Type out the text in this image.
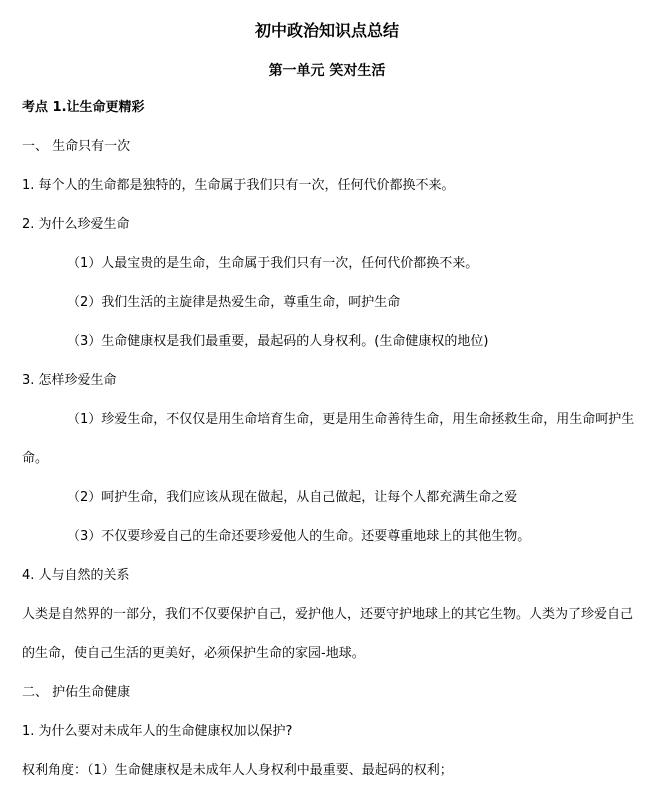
初中政治知识点总结
第一单元 笑对生活
考点 1.让生命更精彩
一、 生命只有一次
1. 每个人的生命都是独特的，生命属于我们只有一次，任何代价都换不来。
2. 为什么珍爱生命
（1）人最宝贵的是生命，生命属于我们只有一次，任何代价都换不来。
（2）我们生活的主旋律是热爱生命，尊重生命，呵护生命
（3）生命健康权是我们最重要，最起码的人身权利。(生命健康权的地位)
3. 怎样珍爱生命
（1）珍爱生命，不仅仅是用生命培育生命，更是用生命善待生命，用生命拯救生命，用生命呵护生
命。
（2）呵护生命，我们应该从现在做起，从自己做起，让每个人都充满生命之爱
（3）不仅要珍爱自己的生命还要珍爱他人的生命。还要尊重地球上的其他生物。
4. 人与自然的关系
人类是自然界的一部分，我们不仅要保护自己，爱护他人，还要守护地球上的其它生物。人类为了珍爱自己
的生命，使自己生活的更美好，必须保护生命的家园-地球。
二、 护佑生命健康
1. 为什么要对未成年人的生命健康权加以保护?
权利角度：（1）生命健康权是未成年人人身权利中最重要、最起码的权利；
